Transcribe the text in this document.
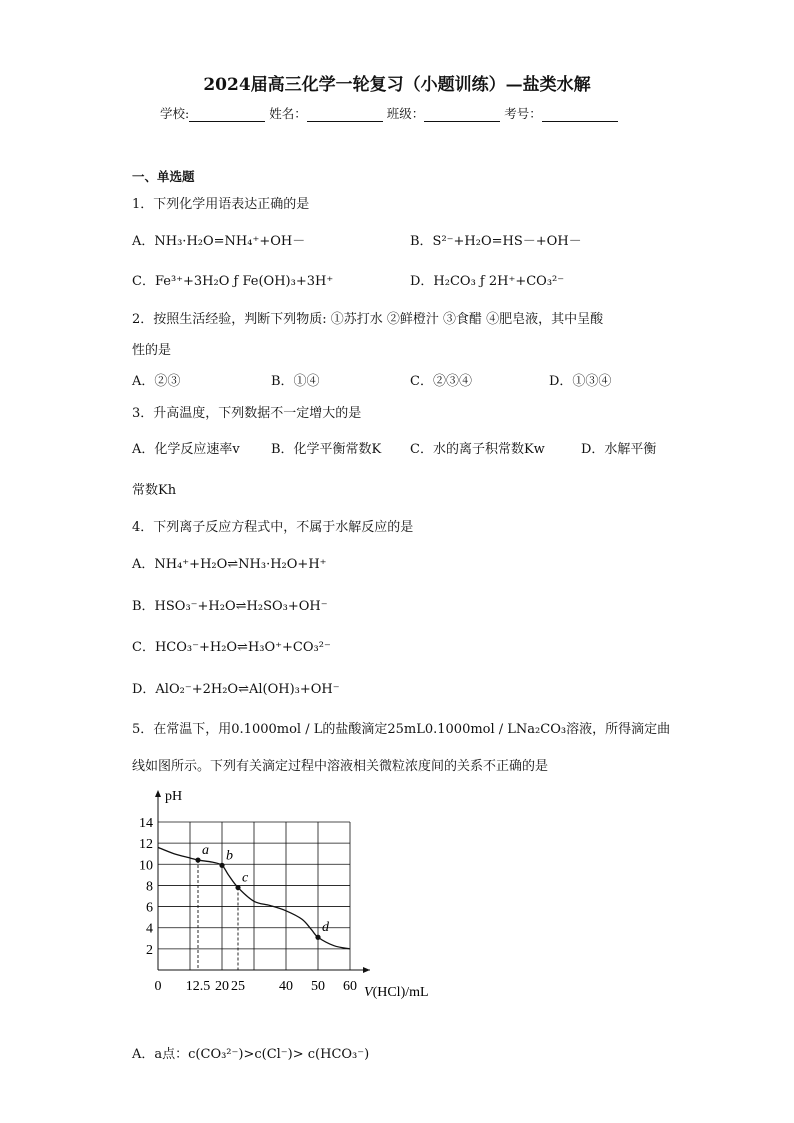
2024届高三化学一轮复习（小题训练）—盐类水解
学校:	姓名：	班级：	考号：
一、单选题
1．下列化学用语表达正确的是
A．NH₃·H₂O=NH₄⁺+OH－	B．S²⁻+H₂O=HS－+OH－
C．Fe³⁺+3H₂O ƒ Fe(OH)₃+3H⁺	D．H₂CO₃ ƒ 2H⁺+CO₃²⁻
2．按照生活经验，判断下列物质: ①苏打水 ②鲜橙汁 ③食醋 ④肥皂液，其中呈酸
性的是
A．②③	B．①④	C．②③④	D．①③④
3．升高温度，下列数据不一定增大的是
A．化学反应速率v B．化学平衡常数K C．水的离子积常数Kw	D．水解平衡
常数Kh
4．下列离子反应方程式中，不属于水解反应的是
A．NH₄⁺+H₂O⇌NH₃·H₂O+H⁺
B．HSO₃⁻+H₂O⇌H₂SO₃+OH⁻
C．HCO₃⁻+H₂O⇌H₃O⁺+CO₃²⁻
D．AlO₂⁻+2H₂O⇌Al(OH)₃+OH⁻
5．在常温下，用0.1000mol / L的盐酸滴定25mL0.1000mol / LNa₂CO₃溶液，所得滴定曲
线如图所示。下列有关滴定过程中溶液相关微粒浓度间的关系不正确的是
pH
V(HCl)/mL
2
4
6
8
10
12
14
0 12.5 20 25 40 50 60
a b
c
d
A．a点：c(CO₃²⁻)>c(Cl⁻)> c(HCO₃⁻)
